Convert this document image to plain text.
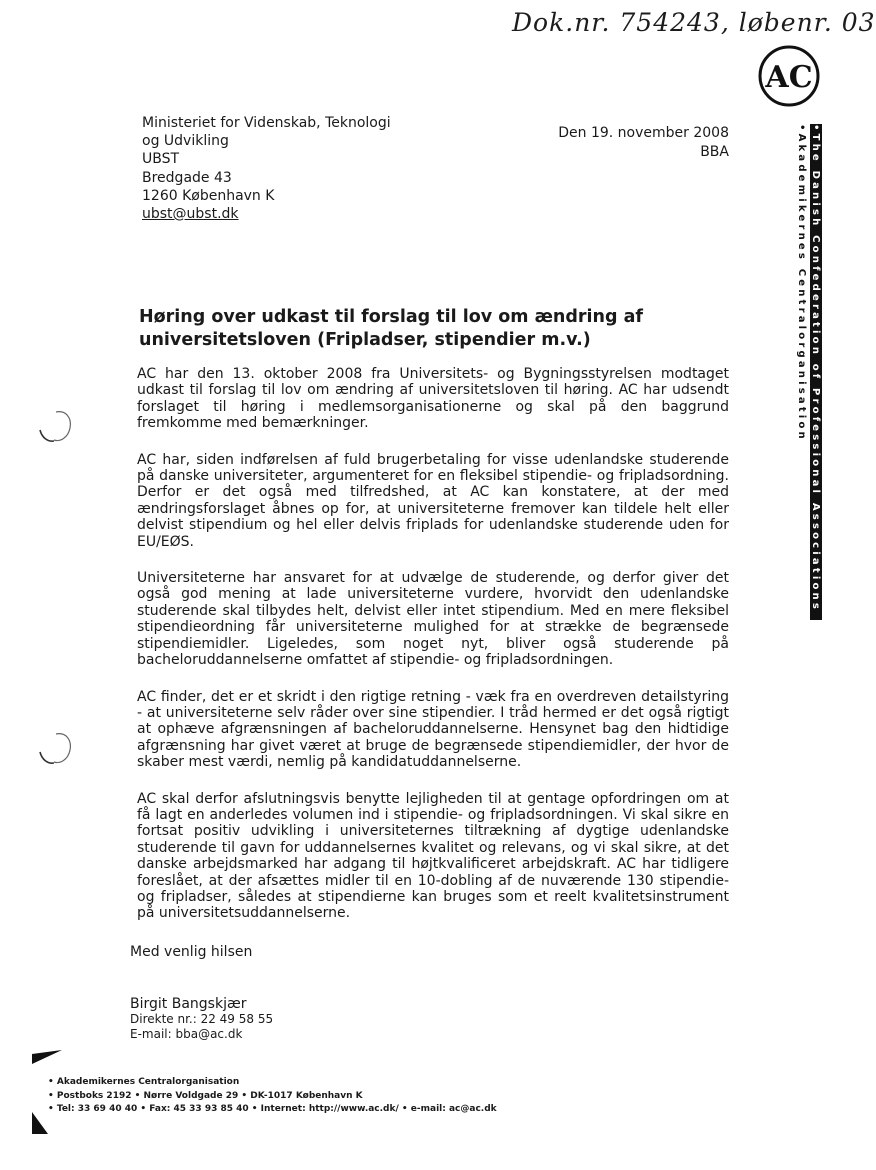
Dok.nr. 754243, løbenr. 03
AC
•Akademikernes Centralorganisation •The Danish Confederation of Professional Associations
Ministeriet for Videnskab, Teknologi
og Udvikling
UBST
Bredgade 43
1260 København K
ubst@ubst.dk
Den 19. november 2008
BBA
Høring over udkast til forslag til lov om ændring af universitetsloven (Fripladser, stipendier m.v.)

AC har den 13. oktober 2008 fra Universitets- og Bygningsstyrelsen modtaget udkast til forslag til lov om ændring af universitetsloven til høring. AC har udsendt forslaget til høring i medlemsorganisationerne og skal på den baggrund fremkomme med bemærkninger.

AC har, siden indførelsen af fuld brugerbetaling for visse udenlandske studerende på danske universiteter, argumenteret for en fleksibel stipendie- og fripladsordning. Derfor er det også med tilfredshed, at AC kan konstatere, at der med ændringsforslaget åbnes op for, at universiteterne fremover kan tildele helt eller delvist stipendium og hel eller delvis friplads for udenlandske studerende uden for EU/EØS.

Universiteterne har ansvaret for at udvælge de studerende, og derfor giver det også god mening at lade universiteterne vurdere, hvorvidt den udenlandske studerende skal tilbydes helt, delvist eller intet stipendium. Med en mere fleksibel stipendieordning får universiteterne mulighed for at strække de begrænsede stipendiemidler. Ligeledes, som noget nyt, bliver også studerende på bacheloruddannelserne omfattet af stipendie- og fripladsordningen.

AC finder, det er et skridt i den rigtige retning - væk fra en overdreven detailstyring - at universiteterne selv råder over sine stipendier. I tråd hermed er det også rigtigt at ophæve afgrænsningen af bacheloruddannelserne. Hensynet bag den hidtidige afgrænsning har givet været at bruge de begrænsede stipendiemidler, der hvor de skaber mest værdi, nemlig på kandidatuddannelserne.

AC skal derfor afslutningsvis benytte lejligheden til at gentage opfordringen om at få lagt en anderledes volumen ind i stipendie- og fripladsordningen. Vi skal sikre en fortsat positiv udvikling i universiteternes tiltrækning af dygtige udenlandske studerende til gavn for uddannelsernes kvalitet og relevans, og vi skal sikre, at det danske arbejdsmarked har adgang til højtkvalificeret arbejdskraft. AC har tidligere foreslået, at der afsættes midler til en 10-dobling af de nuværende 130 stipendie- og fripladser, således at stipendierne kan bruges som et reelt kvalitetsinstrument på universitetsuddannelserne.

Med venlig hilsen
Birgit Bangskjær
Direkte nr.: 22 49 58 55
E-mail: bba@ac.dk
• Akademikernes Centralorganisation
• Postboks 2192 • Nørre Voldgade 29 • DK-1017 København K
• Tel: 33 69 40 40 • Fax: 45 33 93 85 40 • Internet: http://www.ac.dk/ • e-mail: ac@ac.dk
